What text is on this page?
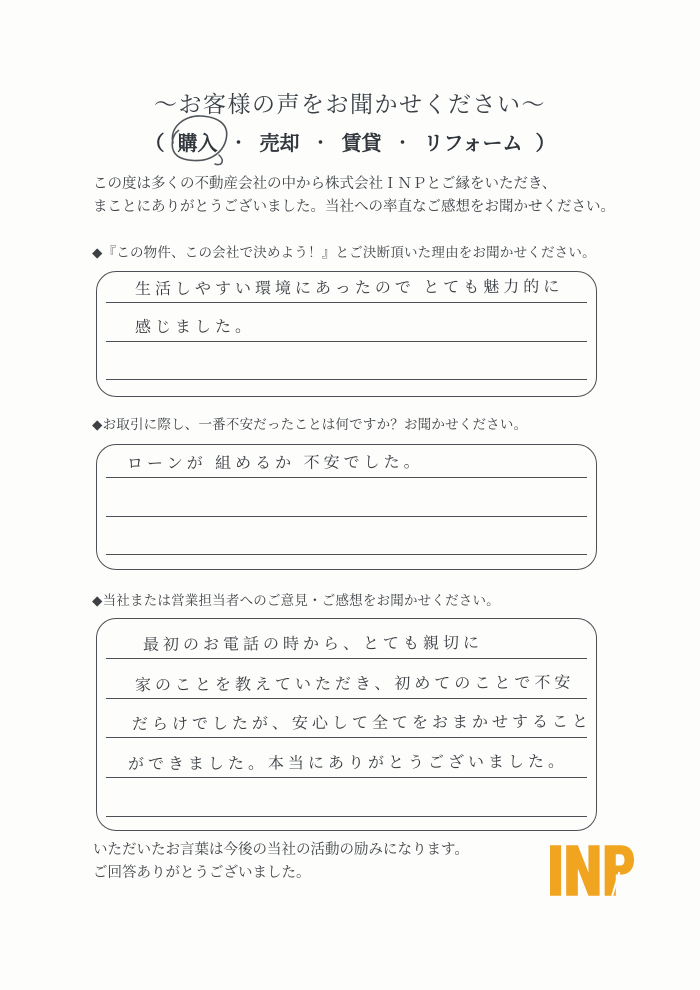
～お客様の声をお聞かせください～
（ 購入 ・ 売却 ・ 賃貸 ・ リフォーム ）
この度は多くの不動産会社の中から株式会社ＩＮＰとご縁をいただき、
まことにありがとうございました。当社への率直なご感想をお聞かせください。
◆『この物件、この会社で決めよう！』とご決断頂いた理由をお聞かせください。
生活しやすい環境にあったので とても魅力的に
感じました。
◆お取引に際し、一番不安だったことは何ですか？お聞かせください。
ローンが 組めるか 不安でした。
◆当社または営業担当者へのご意見・ご感想をお聞かせください。
最初のお電話の時から、とても親切に
家のことを教えていただき、初めてのことで不安
だらけでしたが、安心して全てをおまかせすること
ができました。本当にありがとうございました。
いただいたお言葉は今後の当社の活動の励みになります。
ご回答ありがとうございました。
